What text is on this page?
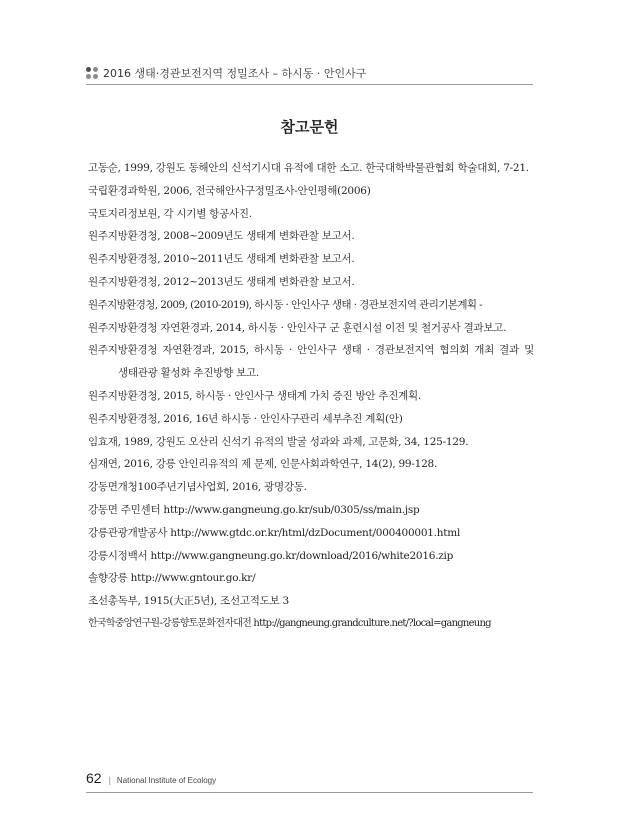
2016 생태·경관보전지역 정밀조사 – 하시동 · 안인사구
참고문헌
고동순, 1999, 강원도 동해안의 신석기시대 유적에 대한 소고. 한국대학박물관협회 학술대회, 7-21.
국립환경과학원, 2006, 전국해안사구정밀조사-안인평해(2006)
국토지리정보원, 각 시기별 항공사진.
원주지방환경청, 2008~2009년도 생태계 변화관찰 보고서.
원주지방환경청, 2010~2011년도 생태계 변화관찰 보고서.
원주지방환경청, 2012~2013년도 생태계 변화관찰 보고서.
원주지방환경청, 2009, (2010-2019), 하시동 · 안인사구 생태 · 경관보전지역 관리기본계획 -
원주지방환경청 자연환경과, 2014, 하시동 · 안인사구 군 훈련시설 이전 및 철거공사 결과보고.
원주지방환경청 자연환경과, 2015, 하시동 · 안인사구 생태 · 경관보전지역 협의회 개최 결과 및 생태관광 활성화 추진방향 보고.
원주지방환경청, 2015, 하시동 · 안인사구 생태계 가치 증진 방안 추진계획.
원주지방환경청, 2016, 16년 하시동 · 안인사구관리 세부추진 계획(안)
임효재, 1989, 강원도 오산리 신석기 유적의 발굴 성과와 과제, 고문화, 34, 125-129.
심재연, 2016, 강릉 안인리유적의 제 문제, 인문사회과학연구, 14(2), 99-128.
강동면개청100주년기념사업회, 2016, 광명강동.
강동면 주민센터 http://www.gangneung.go.kr/sub/0305/ss/main.jsp
강릉관광개발공사 http://www.gtdc.or.kr/html/dzDocument/000400001.html
강릉시정백서 http://www.gangneung.go.kr/download/2016/white2016.zip
솔향강릉 http://www.gntour.go.kr/
조선총독부, 1915(大正5년), 조선고적도보 3
한국학중앙연구원-강릉향토문화전자대전 http://gangneung.grandculture.net/?local=gangneung
62 | National Institute of Ecology
